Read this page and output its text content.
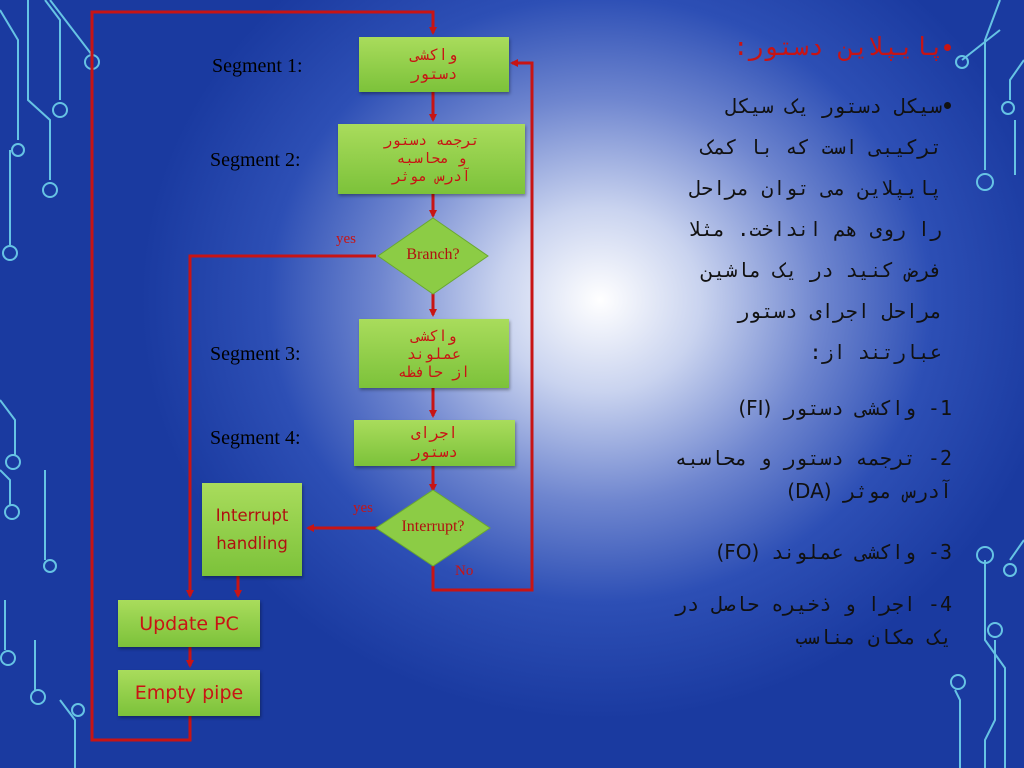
Segment 1:
Segment 2:
Segment 3:
Segment 4:
واکشی
دستور
ترجمه دستور
و محاسبه
آدرس موثر
واکشی
عملوند
از حافظه
اجرای
دستور
Interrupt
handling
Update PC
Empty pipe
Branch?
Interrupt?
yes
yes
No
پایپلاین دستور:
سیکل دستور یک سیکل
ترکیبی است که با کمک
پایپلاین می توان مراحل
را روی هم انداخت. مثلا
فرض کنید در یک ماشین
مراحل اجرای دستور
عبارتند از:
1- واکشی دستور (FI)
2- ترجمه دستور و محاسبه
آدرس موثر (DA)
3- واکشی عملوند (FO)
4- اجرا و ذخیره حاصل در
یک مکان مناسب
